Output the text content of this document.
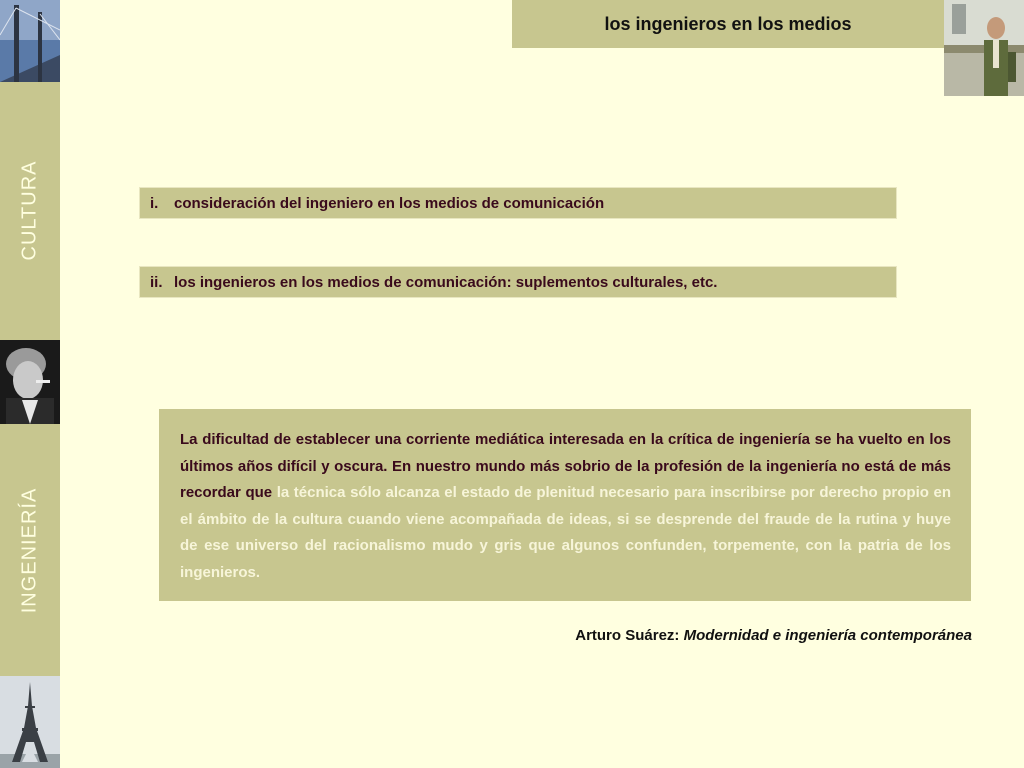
CULTURA
INGENIERÍA
los ingenieros en los medios
i.	consideración del ingeniero en los medios de comunicación
ii. los ingenieros en los medios de comunicación: suplementos culturales, etc.

La dificultad de establecer una corriente mediática interesada en la crítica de ingeniería se ha vuelto en los últimos años difícil y oscura. En nuestro mundo más sobrio de la profesión de la ingeniería no está de más recordar que la técnica sólo alcanza el estado de plenitud necesario para inscribirse por derecho propio en el ámbito de la cultura cuando viene acompañada de ideas, si se desprende del fraude de la rutina y huye de ese universo del racionalismo mudo y gris que algunos confunden, torpemente, con la patria de los ingenieros.

Arturo Suárez: Modernidad e ingeniería contemporánea
